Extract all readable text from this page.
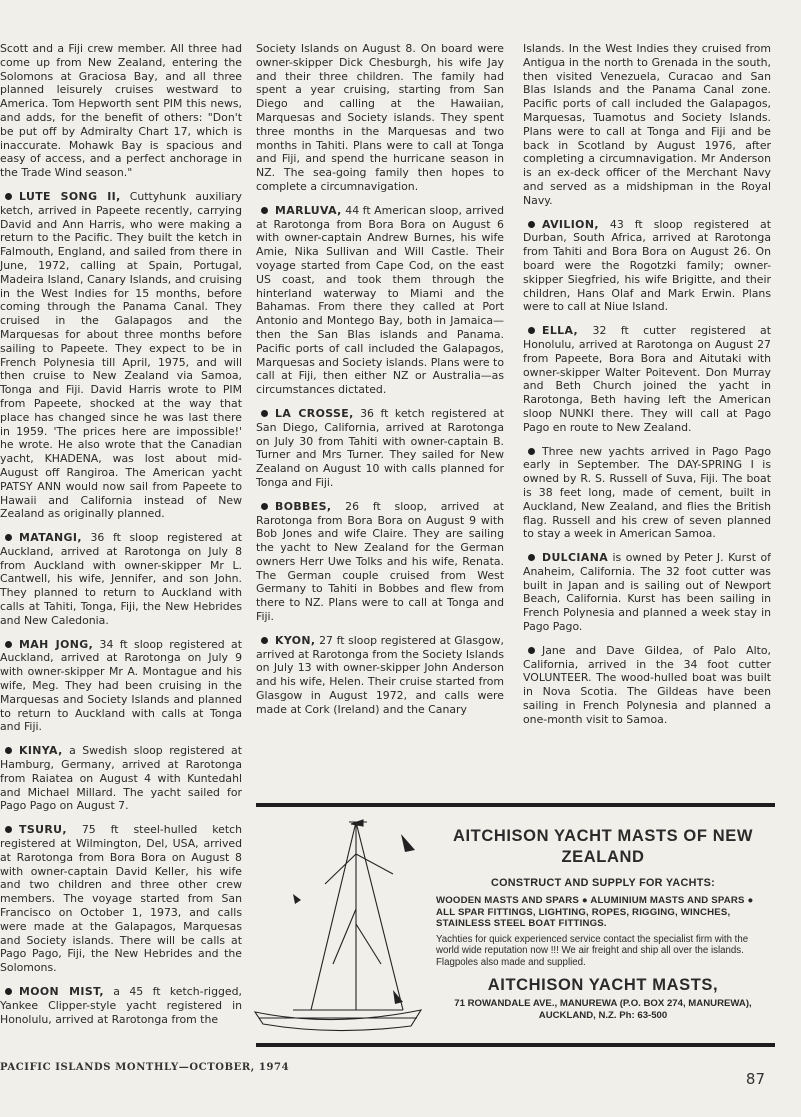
Scott and a Fiji crew member. All three had come up from New Zealand, entering the Solomons at Graciosa Bay, and all three planned leisurely cruises westward to America. Tom Hepworth sent PIM this news, and adds, for the benefit of others: "Don't be put off by Admiralty Chart 17, which is inaccurate. Mohawk Bay is spacious and easy of access, and a perfect anchorage in the Trade Wind season."

LUTE SONG II, Cuttyhunk auxiliary ketch, arrived in Papeete recently, carrying David and Ann Harris, who were making a return to the Pacific. They built the ketch in Falmouth, England, and sailed from there in June, 1972, calling at Spain, Portugal, Madeira Island, Canary Islands, and cruising in the West Indies for 15 months, before coming through the Panama Canal. They cruised in the Galapagos and the Marquesas for about three months before sailing to Papeete. They expect to be in French Polynesia till April, 1975, and will then cruise to New Zealand via Samoa, Tonga and Fiji. David Harris wrote to PIM from Papeete, shocked at the way that place has changed since he was last there in 1959. 'The prices here are impossible!' he wrote. He also wrote that the Canadian yacht, KHADENA, was lost about mid-August off Rangiroa. The American yacht PATSY ANN would now sail from Papeete to Hawaii and California instead of New Zealand as originally planned.

MATANGI, 36 ft sloop registered at Auckland, arrived at Rarotonga on July 8 from Auckland with owner-skipper Mr L. Cantwell, his wife, Jennifer, and son John. They planned to return to Auckland with calls at Tahiti, Tonga, Fiji, the New Hebrides and New Caledonia.

MAH JONG, 34 ft sloop registered at Auckland, arrived at Rarotonga on July 9 with owner-skipper Mr A. Montague and his wife, Meg. They had been cruising in the Marquesas and Society Islands and planned to return to Auckland with calls at Tonga and Fiji.

KINYA, a Swedish sloop registered at Hamburg, Germany, arrived at Rarotonga from Raiatea on August 4 with Kuntedahl and Michael Millard. The yacht sailed for Pago Pago on August 7.

TSURU, 75 ft steel-hulled ketch registered at Wilmington, Del, USA, arrived at Rarotonga from Bora Bora on August 8 with owner-captain David Keller, his wife and two children and three other crew members. The voyage started from San Francisco on October 1, 1973, and calls were made at the Galapagos, Marquesas and Society islands. There will be calls at Pago Pago, Fiji, the New Hebrides and the Solomons.

MOON MIST, a 45 ft ketch-rigged, Yankee Clipper-style yacht registered in Honolulu, arrived at Rarotonga from the

Society Islands on August 8. On board were owner-skipper Dick Chesburgh, his wife Jay and their three children. The family had spent a year cruising, starting from San Diego and calling at the Hawaiian, Marquesas and Society islands. They spent three months in the Marquesas and two months in Tahiti. Plans were to call at Tonga and Fiji, and spend the hurricane season in NZ. The sea-going family then hopes to complete a circumnavigation.

MARLUVA, 44 ft American sloop, arrived at Rarotonga from Bora Bora on August 6 with owner-captain Andrew Burnes, his wife Amie, Nika Sullivan and Will Castle. Their voyage started from Cape Cod, on the east US coast, and took them through the hinterland waterway to Miami and the Bahamas. From there they called at Port Antonio and Montego Bay, both in Jamaica—then the San Blas islands and Panama. Pacific ports of call included the Galapagos, Marquesas and Society islands. Plans were to call at Fiji, then either NZ or Australia—as circumstances dictated.

LA CROSSE, 36 ft ketch registered at San Diego, California, arrived at Rarotonga on July 30 from Tahiti with owner-captain B. Turner and Mrs Turner. They sailed for New Zealand on August 10 with calls planned for Tonga and Fiji.

BOBBES, 26 ft sloop, arrived at Rarotonga from Bora Bora on August 9 with Bob Jones and wife Claire. They are sailing the yacht to New Zealand for the German owners Herr Uwe Tolks and his wife, Renata. The German couple cruised from West Germany to Tahiti in Bobbes and flew from there to NZ. Plans were to call at Tonga and Fiji.

KYON, 27 ft sloop registered at Glasgow, arrived at Rarotonga from the Society Islands on July 13 with owner-skipper John Anderson and his wife, Helen. Their cruise started from Glasgow in August 1972, and calls were made at Cork (Ireland) and the Canary

Islands. In the West Indies they cruised from Antigua in the north to Grenada in the south, then visited Venezuela, Curacao and San Blas Islands and the Panama Canal zone. Pacific ports of call included the Galapagos, Marquesas, Tuamotus and Society Islands. Plans were to call at Tonga and Fiji and be back in Scotland by August 1976, after completing a circumnavigation. Mr Anderson is an ex-deck officer of the Merchant Navy and served as a midshipman in the Royal Navy.

AVILION, 43 ft sloop registered at Durban, South Africa, arrived at Rarotonga from Tahiti and Bora Bora on August 26. On board were the Rogotzki family; owner-skipper Siegfried, his wife Brigitte, and their children, Hans Olaf and Mark Erwin. Plans were to call at Niue Island.

ELLA, 32 ft cutter registered at Honolulu, arrived at Rarotonga on August 27 from Papeete, Bora Bora and Aitutaki with owner-skipper Walter Poitevent. Don Murray and Beth Church joined the yacht in Rarotonga, Beth having left the American sloop NUNKI there. They will call at Pago Pago en route to New Zealand.

Three new yachts arrived in Pago Pago early in September. The DAY-SPRING I is owned by R. S. Russell of Suva, Fiji. The boat is 38 feet long, made of cement, built in Auckland, New Zealand, and flies the British flag. Russell and his crew of seven planned to stay a week in American Samoa.

DULCIANA is owned by Peter J. Kurst of Anaheim, California. The 32 foot cutter was built in Japan and is sailing out of Newport Beach, California. Kurst has been sailing in French Polynesia and planned a week stay in Pago Pago.

Jane and Dave Gildea, of Palo Alto, California, arrived in the 34 foot cutter VOLUNTEER. The wood-hulled boat was built in Nova Scotia. The Gildeas have been sailing in French Polynesia and planned a one-month visit to Samoa.

AITCHISON YACHT MASTS OF NEW ZEALAND

CONSTRUCT AND SUPPLY FOR YACHTS:

WOODEN MASTS AND SPARS ● ALUMINIUM MASTS AND SPARS ● ALL SPAR FITTINGS, LIGHTING, ROPES, RIGGING, WINCHES, STAINLESS STEEL BOAT FITTINGS.

Yachties for quick experienced service contact the specialist firm with the world wide reputation now !!! We air freight and ship all over the islands. Flagpoles also made and supplied.

AITCHISON YACHT MASTS,

71 ROWANDALE AVE., MANUREWA (P.O. BOX 274, MANUREWA),

AUCKLAND, N.Z. Ph: 63-500

PACIFIC ISLANDS MONTHLY—OCTOBER, 1974
87
